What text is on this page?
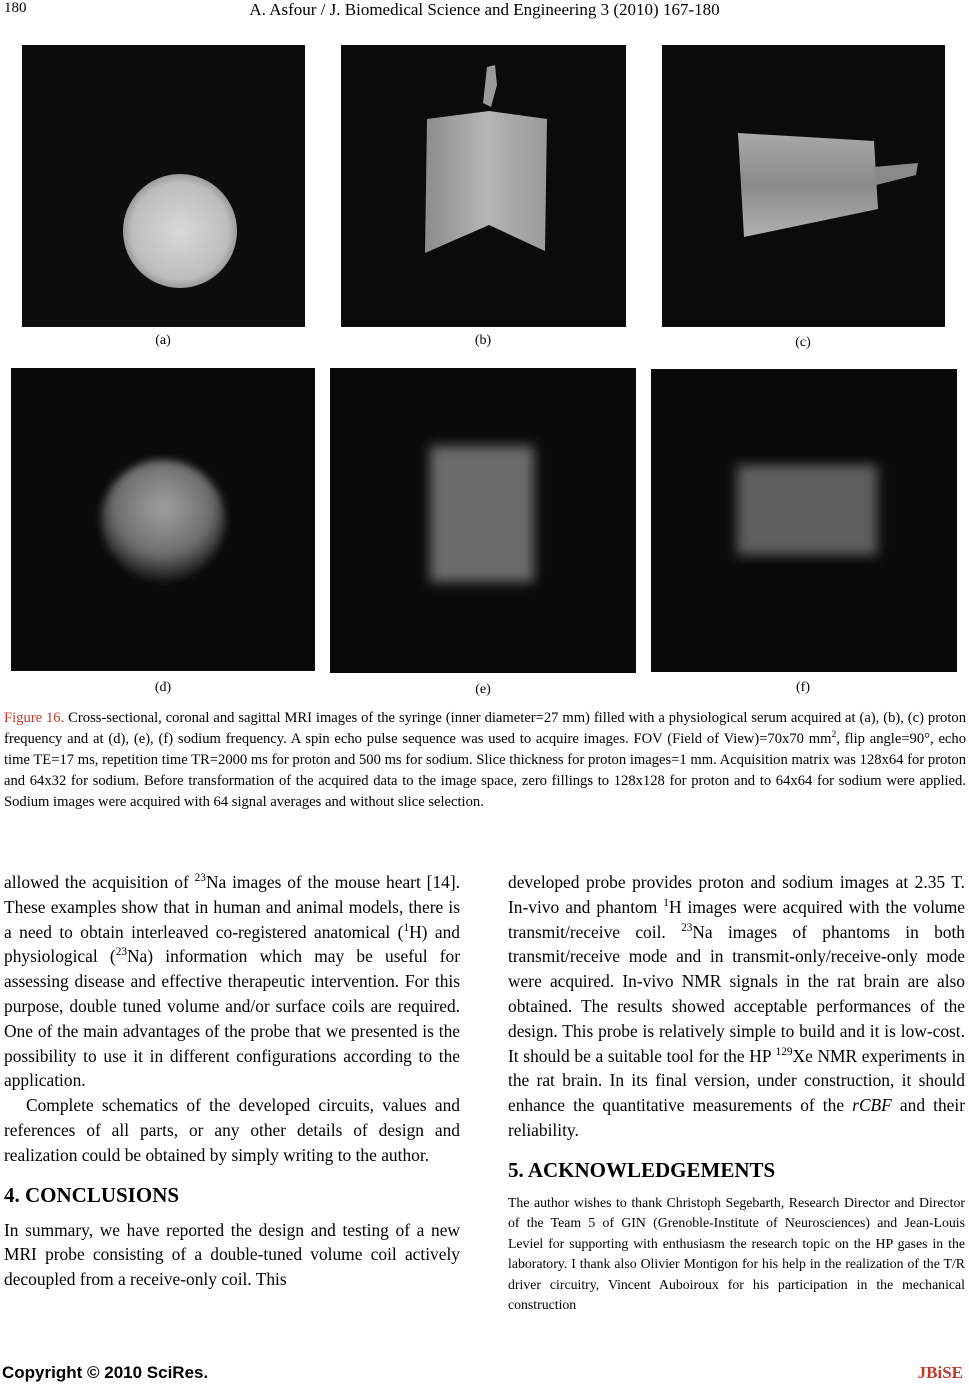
180	A. Asfour / J. Biomedical Science and Engineering 3 (2010) 167-180
(a)	(b)	(c)
(d)	(e)	(f)
Figure 16. Cross-sectional, coronal and sagittal MRI images of the syringe (inner diameter=27 mm) filled with a physiological serum acquired at (a), (b), (c) proton frequency and at (d), (e), (f) sodium frequency. A spin echo pulse sequence was used to acquire images. FOV (Field of View)=70x70 $mm^2$, flip angle=90°, echo time TE=17 ms, repetition time TR=2000 ms for proton and 500 ms for sodium. Slice thickness for proton images=1 mm. Acquisition matrix was 128x64 for proton and 64x32 for sodium. Before transformation of the acquired data to the image space, zero fillings to 128x128 for proton and to 64x64 for sodium were applied. Sodium images were acquired with 64 signal averages and without slice selection.

allowed the acquisition of $^{23}$Na images of the mouse heart [14]. These examples show that in human and animal models, there is a need to obtain interleaved co-registered anatomical ($^1$H) and physiological ($^{23}$Na) information which may be useful for assessing disease and effective therapeutic intervention. For this purpose, double tuned volume and/or surface coils are required. One of the main advantages of the probe that we presented is the possibility to use it in different configurations according to the application.

Complete schematics of the developed circuits, values and references of all parts, or any other details of design and realization could be obtained by simply writing to the author.

4. CONCLUSIONS

In summary, we have reported the design and testing of a new MRI probe consisting of a double-tuned volume coil actively decoupled from a receive-only coil. This

developed probe provides proton and sodium images at 2.35 T. In-vivo and phantom $^1$H images were acquired with the volume transmit/receive coil. $^{23}$Na images of phantoms in both transmit/receive mode and in transmit-only/receive-only mode were acquired. In-vivo NMR signals in the rat brain are also obtained. The results showed acceptable performances of the design. This probe is relatively simple to build and it is low-cost. It should be a suitable tool for the HP $^{129}$Xe NMR experiments in the rat brain. In its final version, under construction, it should enhance the quantitative measurements of the rCBF and their reliability.

5. ACKNOWLEDGEMENTS

The author wishes to thank Christoph Segebarth, Research Director and Director of the Team 5 of GIN (Grenoble-Institute of Neurosciences) and Jean-Louis Leviel for supporting with enthusiasm the research topic on the HP gases in the laboratory. I thank also Olivier Montigon for his help in the realization of the T/R driver circuitry, Vincent Auboiroux for his participation in the mechanical construction

Copyright © 2010 SciRes.	JBiSE
